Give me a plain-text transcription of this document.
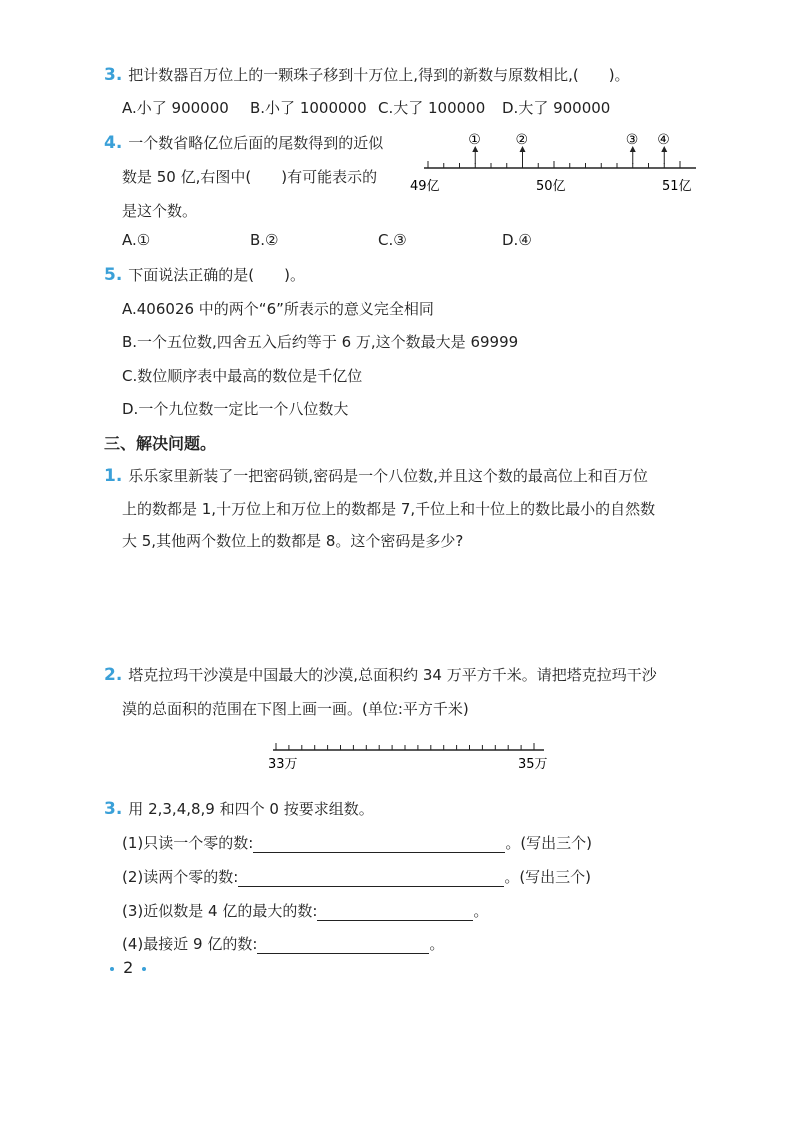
3. 把计数器百万位上的一颗珠子移到十万位上,得到的新数与原数相比,(　　)。
A.小了 900000 B.小了 1000000 C.大了 100000 D.大了 900000
4. 一个数省略亿位后面的尾数得到的近似
数是 50 亿,右图中(　　)有可能表示的
是这个数。
① ②	③ ④
49亿	50亿	51亿
A.①	B.②	C.③	D.④
5. 下面说法正确的是(　　)。
A.406026 中的两个“6”所表示的意义完全相同
B.一个五位数,四舍五入后约等于 6 万,这个数最大是 69999
C.数位顺序表中最高的数位是千亿位
D.一个九位数一定比一个八位数大
三、解决问题。
1. 乐乐家里新装了一把密码锁,密码是一个八位数,并且这个数的最高位上和百万位
上的数都是 1,十万位上和万位上的数都是 7,千位上和十位上的数比最小的自然数
大 5,其他两个数位上的数都是 8。这个密码是多少?
2. 塔克拉玛干沙漠是中国最大的沙漠,总面积约 34 万平方千米。请把塔克拉玛干沙
漠的总面积的范围在下图上画一画。(单位:平方千米)
33万	35万
3. 用 2,3,4,8,9 和四个 0 按要求组数。
(1)只读一个零的数:	。(写出三个)
(2)读两个零的数:	。(写出三个)
(3)近似数是 4 亿的最大的数:	。
(4)最接近 9 亿的数:	。
2
